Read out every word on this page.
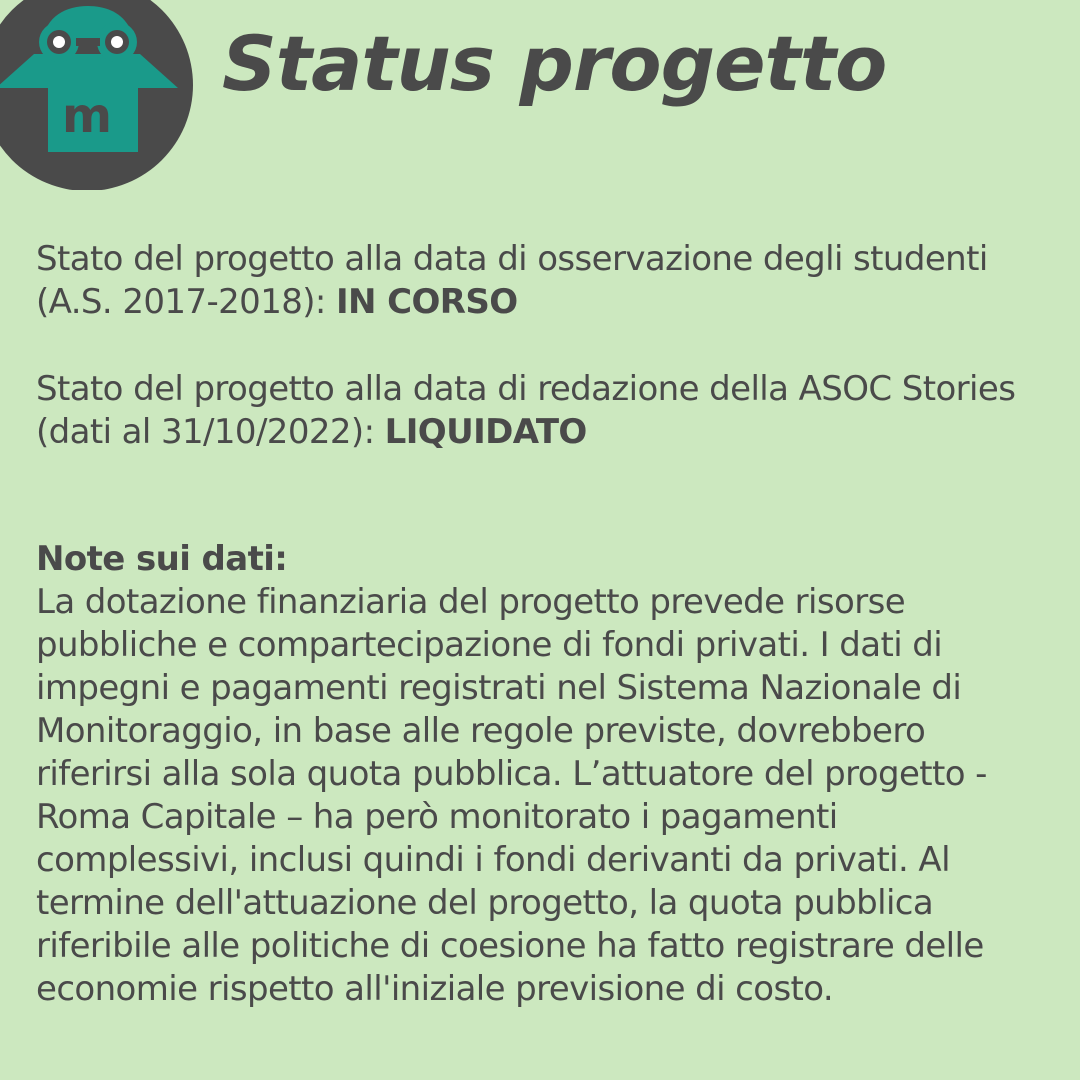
m
Status progetto

Stato del progetto alla data di osservazione degli studenti (A.S. 2017-2018): IN CORSO

Stato del progetto alla data di redazione della ASOC Stories (dati al 31/10/2022): LIQUIDATO

Note sui dati:
La dotazione finanziaria del progetto prevede risorse pubbliche e compartecipazione di fondi privati. I dati di impegni e pagamenti registrati nel Sistema Nazionale di Monitoraggio, in base alle regole previste, dovrebbero riferirsi alla sola quota pubblica. L’attuatore del progetto - Roma Capitale – ha però monitorato i pagamenti complessivi, inclusi quindi i fondi derivanti da privati. Al termine dell'attuazione del progetto, la quota pubblica riferibile alle politiche di coesione ha fatto registrare delle economie rispetto all'iniziale previsione di costo.
